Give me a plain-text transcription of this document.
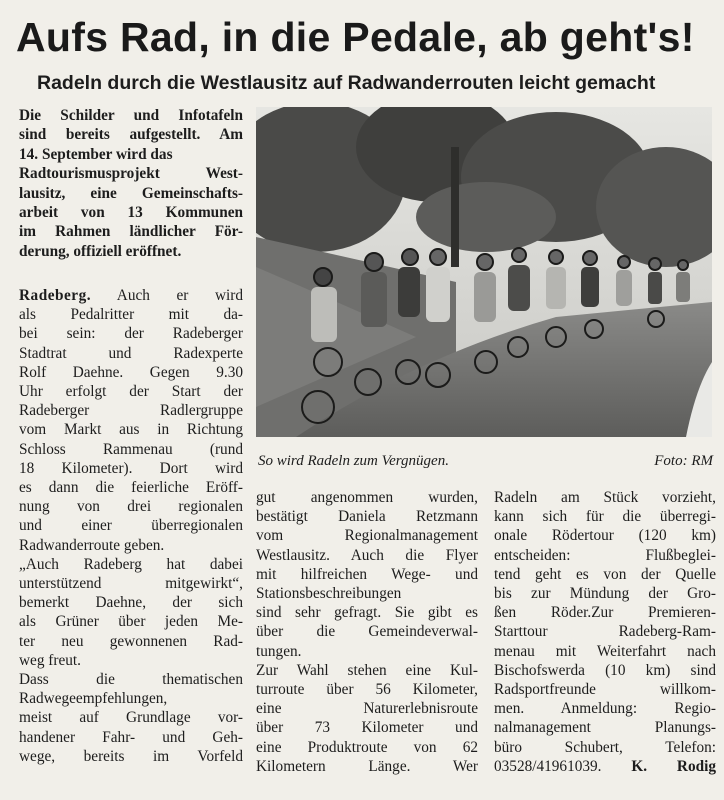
Aufs Rad, in die Pedale, ab geht's!
Radeln durch die Westlausitz auf Radwanderrouten leicht gemacht
Die Schilder und Infotafeln
sind bereits aufgestellt. Am
14. September wird das
Radtourismusprojekt West-
lausitz, eine Gemeinschafts-
arbeit von 13 Kommunen
im Rahmen ländlicher För-
derung, offiziell eröffnet.
So wird Radeln zum Vergnügen.	Foto: RM
Radeberg. Auch er wird
als Pedalritter mit da-
bei sein: der Radeberger
Stadtrat und Radexperte
Rolf Daehne. Gegen 9.30
Uhr erfolgt der Start der
Radeberger Radlergruppe
vom Markt aus in Richtung
Schloss Rammenau (rund
18 Kilometer). Dort wird
es dann die feierliche Eröff-
nung von drei regionalen
und einer überregionalen
Radwanderroute geben.
„Auch Radeberg hat dabei
unterstützend mitgewirkt“,
bemerkt Daehne, der sich
als Grüner über jeden Me-
ter neu gewonnenen Rad-
weg freut.
Dass die thematischen
Radwegeempfehlungen,
meist auf Grundlage vor-
handener Fahr- und Geh-
wege, bereits im Vorfeld
gut angenommen wurden,
bestätigt Daniela Retzmann
vom Regionalmanagement
Westlausitz. Auch die Flyer
mit hilfreichen Wege- und
Stationsbeschreibungen
sind sehr gefragt. Sie gibt es
über die Gemeindeverwal-
tungen.
Zur Wahl stehen eine Kul-
turroute über 56 Kilometer,
eine Naturerlebnisroute
über 73 Kilometer und
eine Produktroute von 62
Kilometern Länge. Wer
Radeln am Stück vorzieht,
kann sich für die überregi-
onale Rödertour (120 km)
entscheiden: Flußbeglei-
tend geht es von der Quelle
bis zur Mündung der Gro-
ßen Röder.Zur Premieren-
Starttour Radeberg-Ram-
menau mit Weiterfahrt nach
Bischofswerda (10 km) sind
Radsportfreunde willkom-
men. Anmeldung: Regio-
nalmanagement Planungs-
büro Schubert, Telefon:
03528/41961039. K. Rodig
